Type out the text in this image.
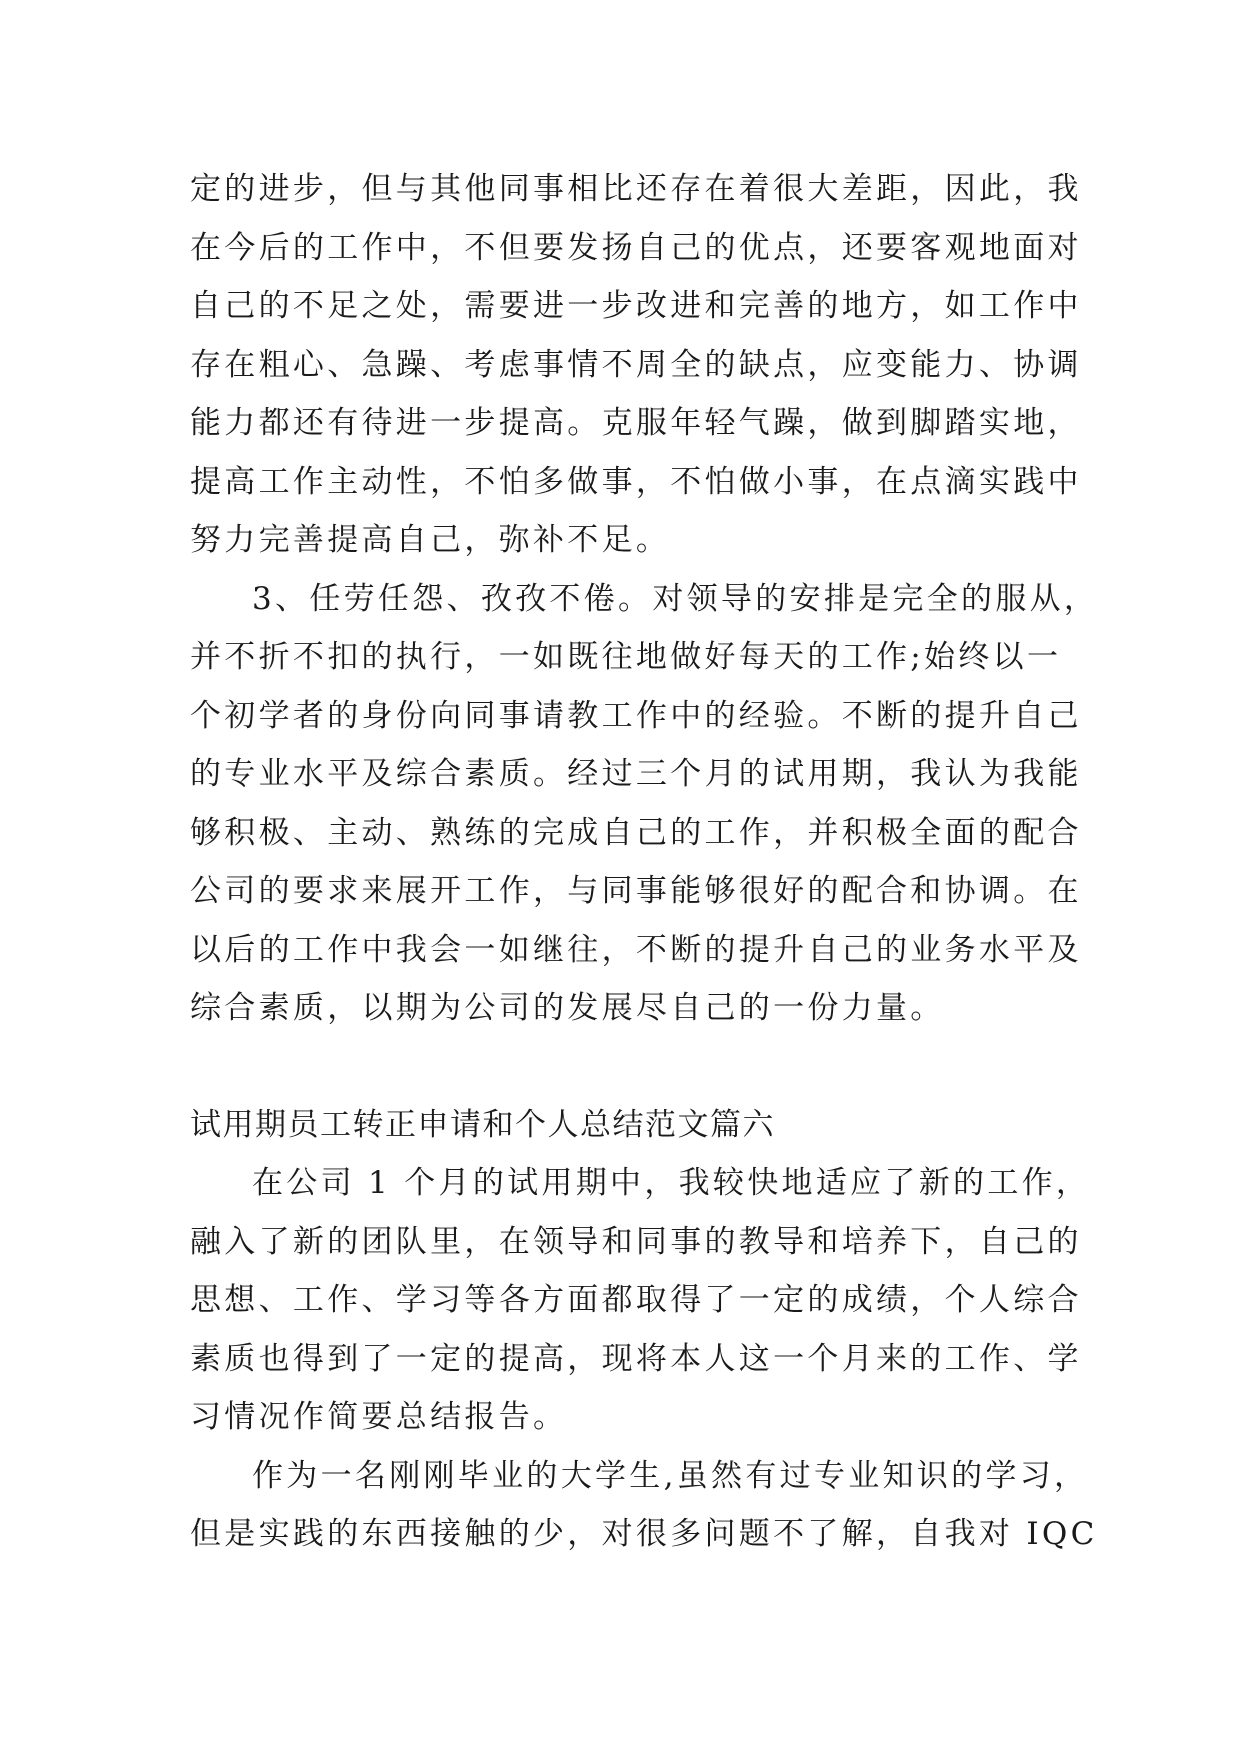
定的进步，但与其他同事相比还存在着很大差距，因此，我
在今后的工作中，不但要发扬自己的优点，还要客观地面对
自己的不足之处，需要进一步改进和完善的地方，如工作中
存在粗心、急躁、考虑事情不周全的缺点，应变能力、协调
能力都还有待进一步提高。克服年轻气躁，做到脚踏实地，
提高工作主动性，不怕多做事，不怕做小事，在点滴实践中
努力完善提高自己，弥补不足。
3、任劳任怨、孜孜不倦。对领导的安排是完全的服从，
并不折不扣的执行，一如既往地做好每天的工作;始终以一
个初学者的身份向同事请教工作中的经验。不断的提升自己
的专业水平及综合素质。经过三个月的试用期，我认为我能
够积极、主动、熟练的完成自己的工作，并积极全面的配合
公司的要求来展开工作，与同事能够很好的配合和协调。在
以后的工作中我会一如继往，不断的提升自己的业务水平及
综合素质，以期为公司的发展尽自己的一份力量。
试用期员工转正申请和个人总结范文篇六
在公司 1 个月的试用期中，我较快地适应了新的工作，
融入了新的团队里，在领导和同事的教导和培养下，自己的
思想、工作、学习等各方面都取得了一定的成绩，个人综合
素质也得到了一定的提高，现将本人这一个月来的工作、学
习情况作简要总结报告。
作为一名刚刚毕业的大学生,虽然有过专业知识的学习，
但是实践的东西接触的少，对很多问题不了解，自我对 IQC
